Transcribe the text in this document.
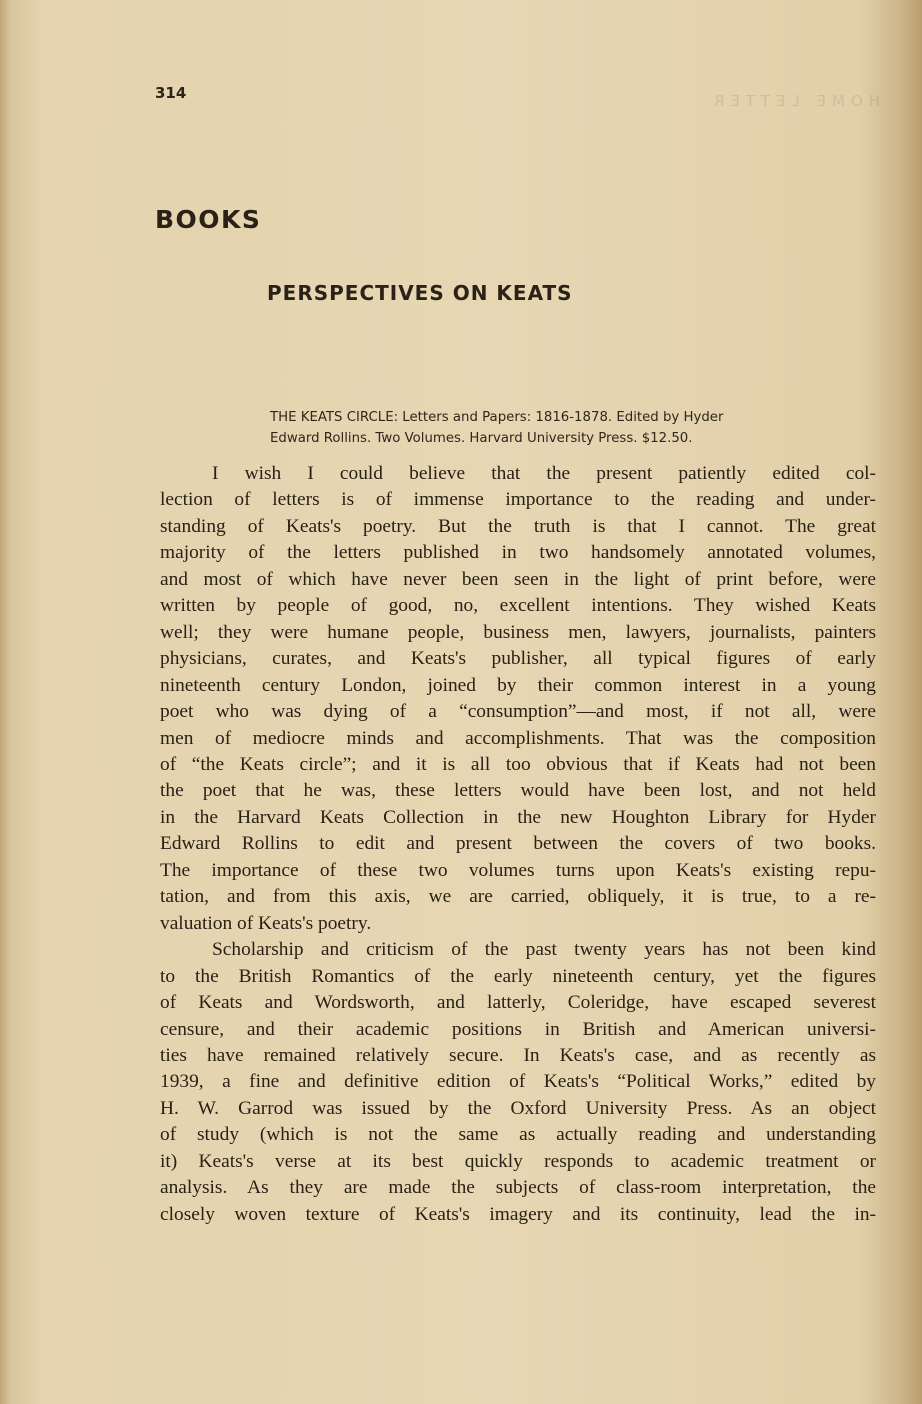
HOME LETTER
314
BOOKS
PERSPECTIVES ON KEATS
THE KEATS CIRCLE: Letters and Papers: 1816-1878. Edited by Hyder
Edward Rollins. Two Volumes. Harvard University Press. $12.50.
I wish I could believe that the present patiently edited col-
lection of letters is of immense importance to the reading and under-
standing of Keats's poetry. But the truth is that I cannot. The great
majority of the letters published in two handsomely annotated volumes,
and most of which have never been seen in the light of print before, were
written by people of good, no, excellent intentions. They wished Keats
well; they were humane people, business men, lawyers, journalists, painters
physicians, curates, and Keats's publisher, all typical figures of early
nineteenth century London, joined by their common interest in a young
poet who was dying of a “consumption”—and most, if not all, were
men of mediocre minds and accomplishments. That was the composition
of “the Keats circle”; and it is all too obvious that if Keats had not been
the poet that he was, these letters would have been lost, and not held
in the Harvard Keats Collection in the new Houghton Library for Hyder
Edward Rollins to edit and present between the covers of two books.
The importance of these two volumes turns upon Keats's existing repu-
tation, and from this axis, we are carried, obliquely, it is true, to a re-
valuation of Keats's poetry.
Scholarship and criticism of the past twenty years has not been kind
to the British Romantics of the early nineteenth century, yet the figures
of Keats and Wordsworth, and latterly, Coleridge, have escaped severest
censure, and their academic positions in British and American universi-
ties have remained relatively secure. In Keats's case, and as recently as
1939, a fine and definitive edition of Keats's “Political Works,” edited by
H. W. Garrod was issued by the Oxford University Press. As an object
of study (which is not the same as actually reading and understanding
it) Keats's verse at its best quickly responds to academic treatment or
analysis. As they are made the subjects of class-room interpretation, the
closely woven texture of Keats's imagery and its continuity, lead the in-
